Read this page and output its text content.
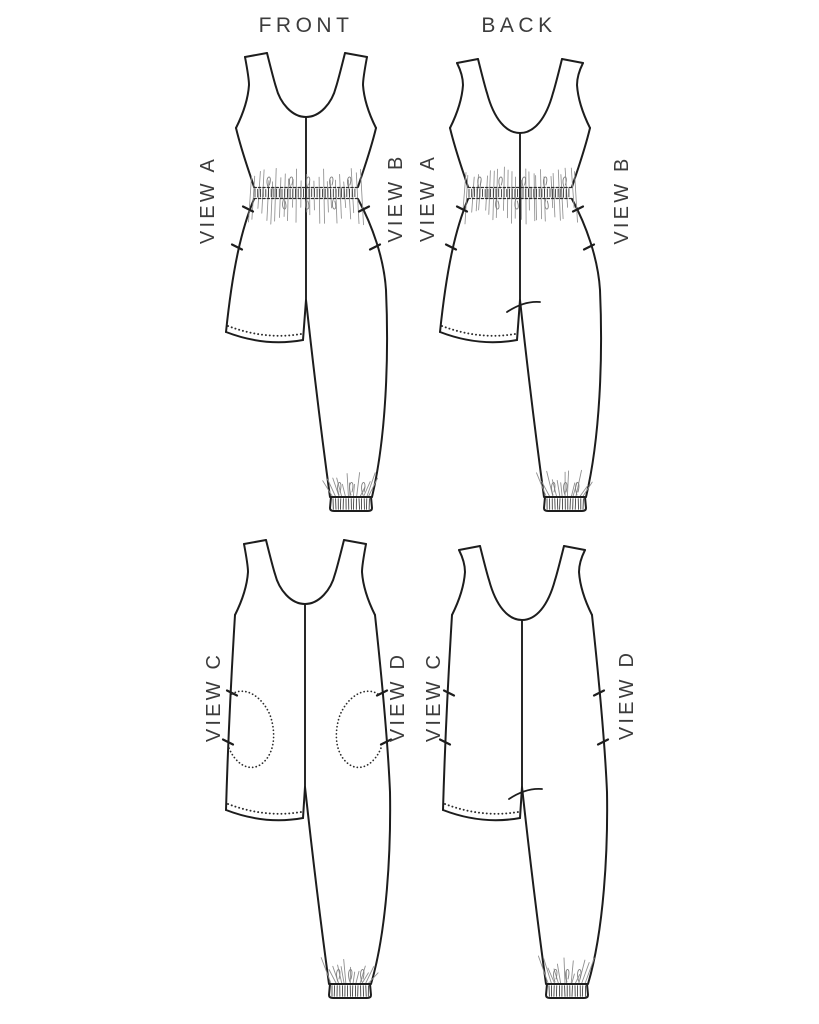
FRONT	BACK
VIEW A	VIEW B VIEW A	VIEW B
VIEW C	VIEW D VIEW C	VIEW D
